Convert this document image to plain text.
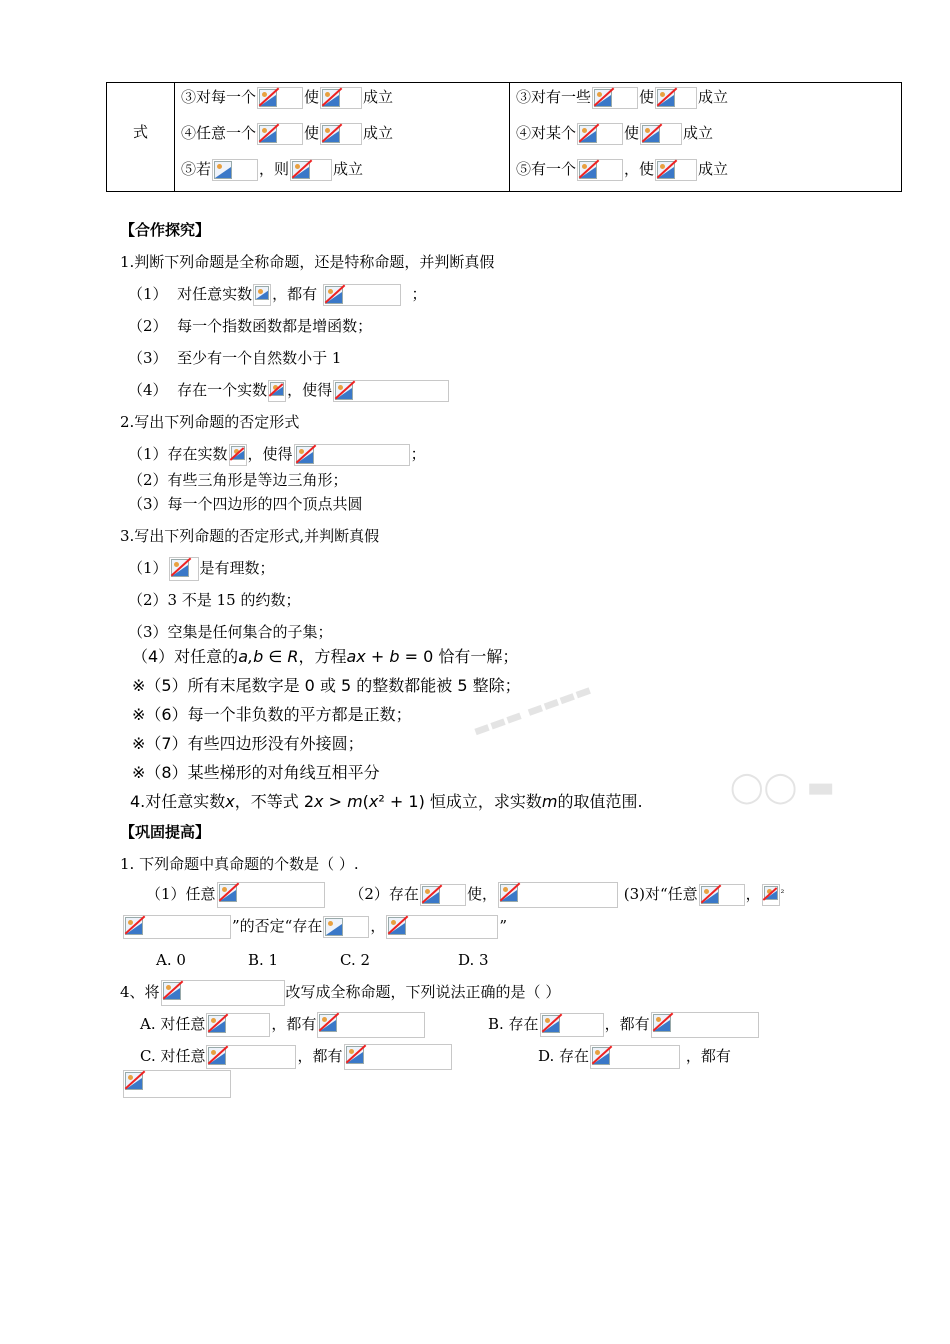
▬▬▬ ▬▬▬▬
◯◯ ▬
式
③对每一个	使	成立
④任意一个	使	成立
⑤若	，则	成立
③对有一些	使	成立
④对某个	使	成立
⑤有一个	，使	成立
【合作探究】
1.判断下列命题是全称命题，还是特称命题，并判断真假
（1） 对任意实数 ，都有	；
（2） 每一个指数函数都是增函数；
（3） 至少有一个自然数小于 1
（4） 存在一个实数 ，使得
2.写出下列命题的否定形式
（1）存在实数 ，使得	；
（2）有些三角形是等边三角形；
（3）每一个四边形的四个顶点共圆
3.写出下列命题的否定形式,并判断真假
（1） 是有理数；
（2）3 不是 15 的约数；
（3）空集是任何集合的子集；
（4）对任意的a,b ∈ R，方程ax + b = 0 恰有一解；
※（5）所有末尾数字是 0 或 5 的整数都能被 5 整除；
※（6）每一个非负数的平方都是正数；
※（7）有些四边形没有外接圆；
※（8）某些梯形的对角线互相平分
4.对任意实数x，不等式 2x > m(x² + 1) 恒成立，求实数m的取值范围.
【巩固提高】
1. 下列命题中真命题的个数是（ ）.
（1）任意	（2）存在	使，	(3)对“任意	， $^{^2}$
”的否定“存在	，	”
A. 0	B. 1	C. 2	D. 3
4、将	改写成全称命题，下列说法正确的是（ ）
A. 对任意	，都有	B. 存在	，都有
C. 对任意	，都有	D. 存在	，都有
